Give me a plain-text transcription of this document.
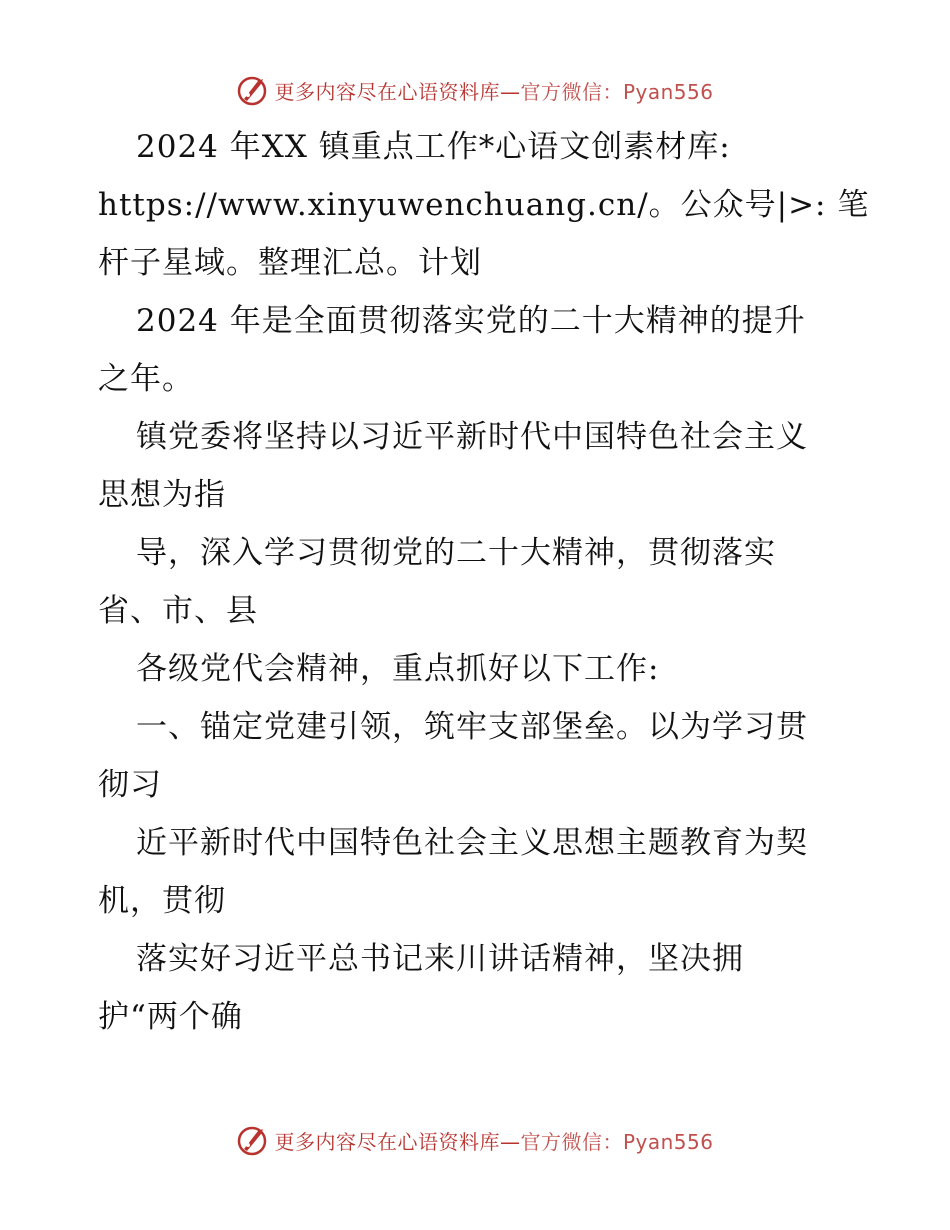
更多内容尽在心语资料库—官方微信：Pyan556
2024 年XX 镇重点工作*心语文创素材库:
https://www.xinyuwenchuang.cn/。公众号|>: 笔
杆子星域。整理汇总。计划
2024 年是全面贯彻落实党的二十大精神的提升
之年。
镇党委将坚持以习近平新时代中国特色社会主义
思想为指
导，深入学习贯彻党的二十大精神，贯彻落实
省、市、县
各级党代会精神，重点抓好以下工作:
一、锚定党建引领，筑牢支部堡垒。以为学习贯
彻习
近平新时代中国特色社会主义思想主题教育为契
机，贯彻
落实好习近平总书记来川讲话精神，坚决拥
护“两个确
更多内容尽在心语资料库—官方微信：Pyan556
